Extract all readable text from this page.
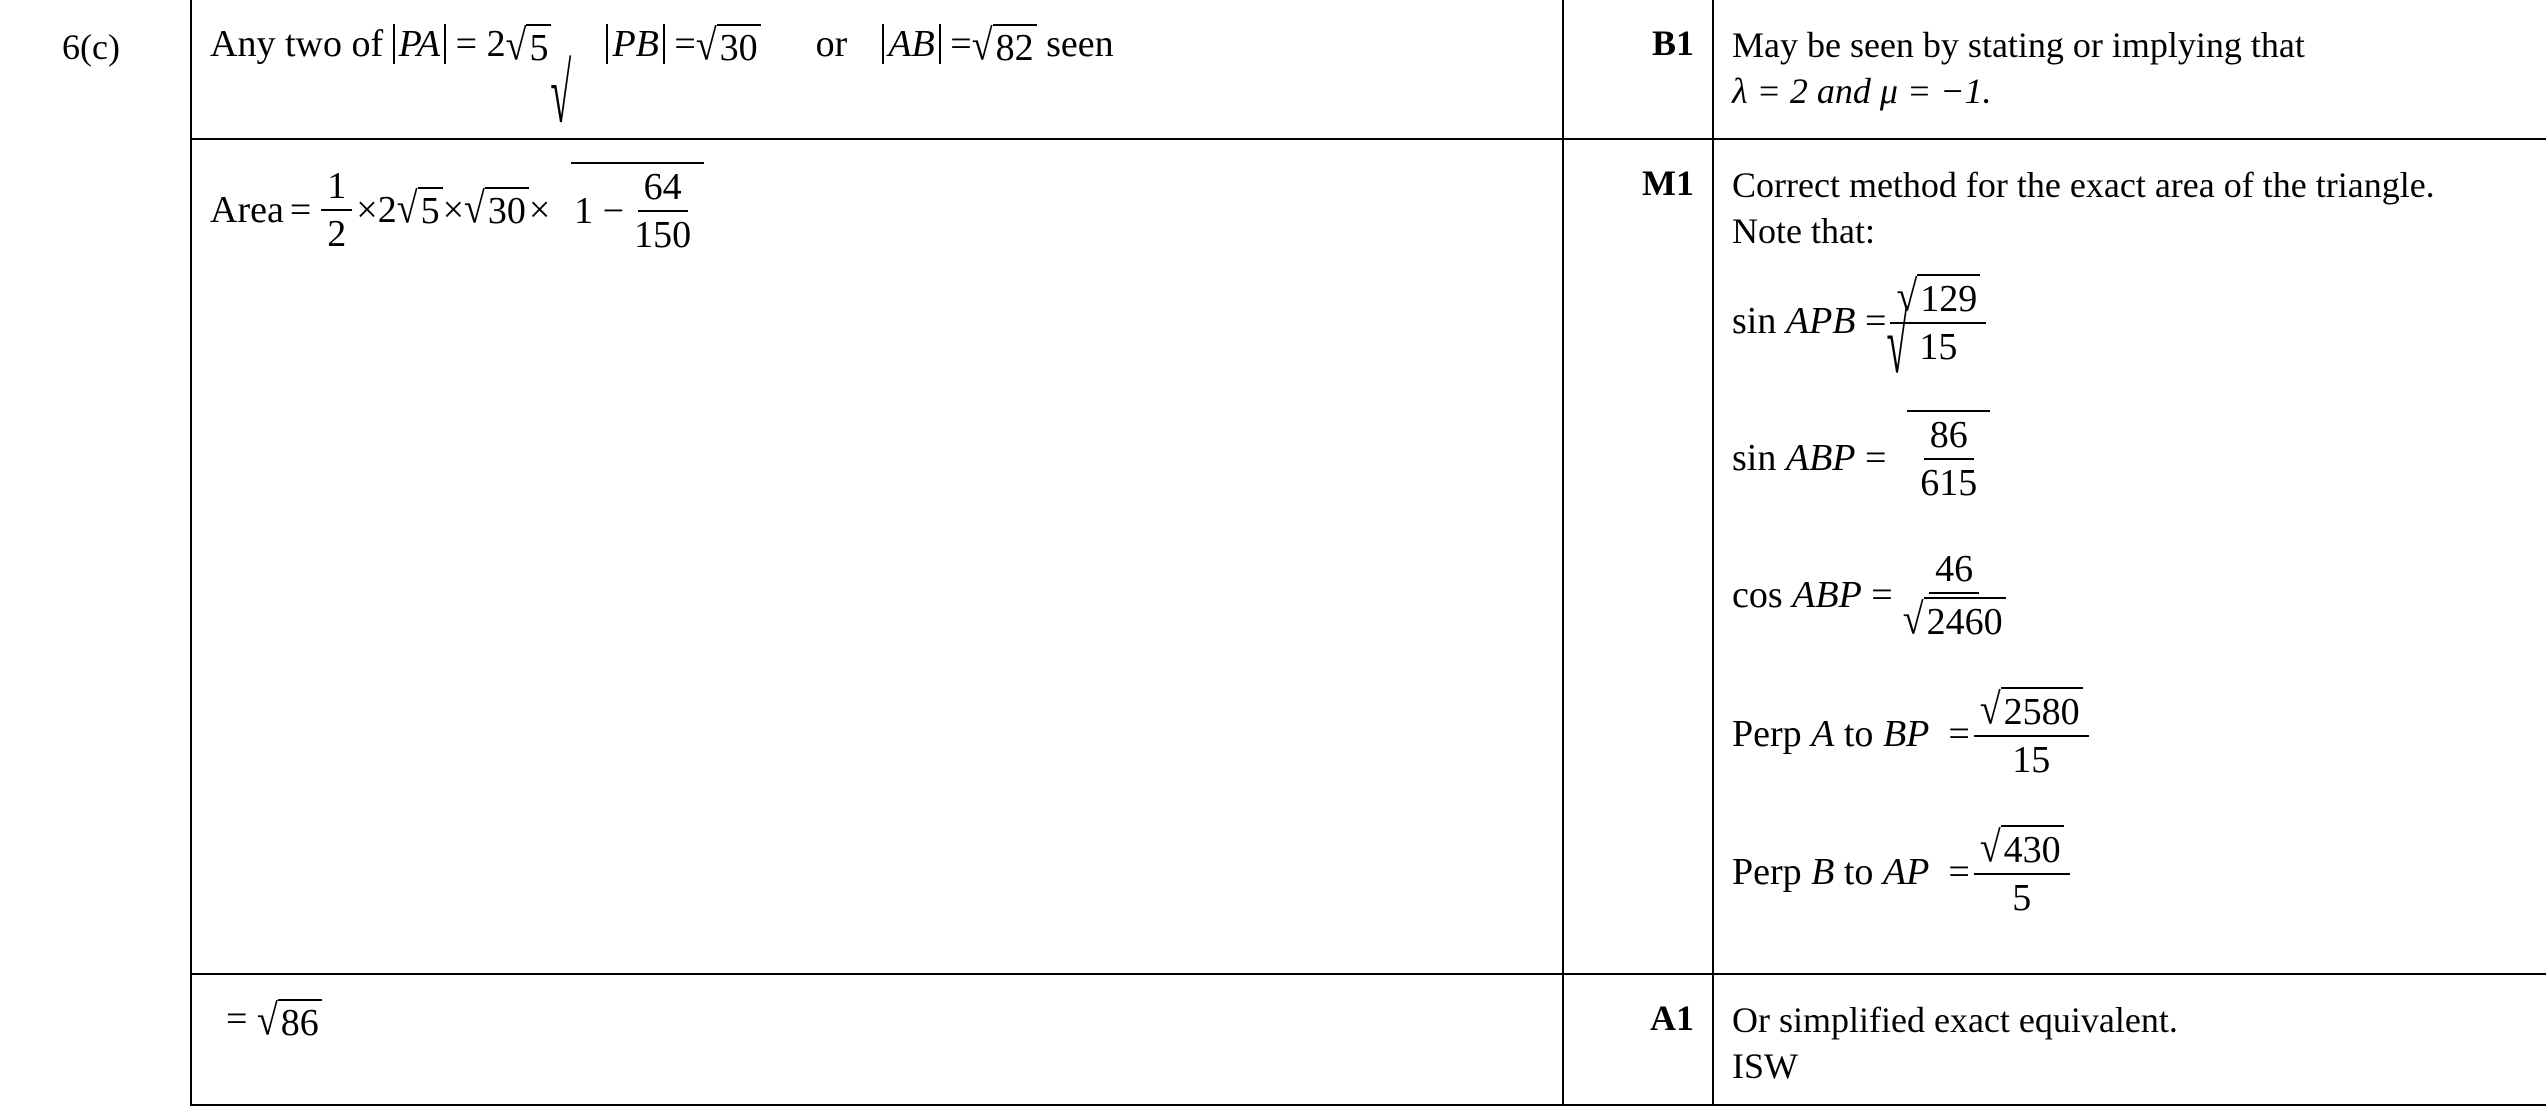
6(c)	Any two of PA = 2 √ 5 PB = √ 30 or AB = √ 82 seen	B1	May be seen by stating or implying that
λ = 2 and μ = −1.
Area = $\frac{1}{2} \times 2$ √ 5 × √ 30 ×
√
$1 - \frac{64}{150}$	M1	Correct method for the exact area of the triangle.
Note that:
sin
APB
= $\frac{√ 129}{15}$
sin
ABP
=
√
$\frac{86}{615}$
cos
ABP
= $\frac{46}{√ 2460}$
Perp
A
to
BP
= $\frac{√ 2580}{15}$
Perp
B
to
AP
= $\frac{√ 430}{5}$
= √ 86	A1	Or simplified exact equivalent.
ISW
